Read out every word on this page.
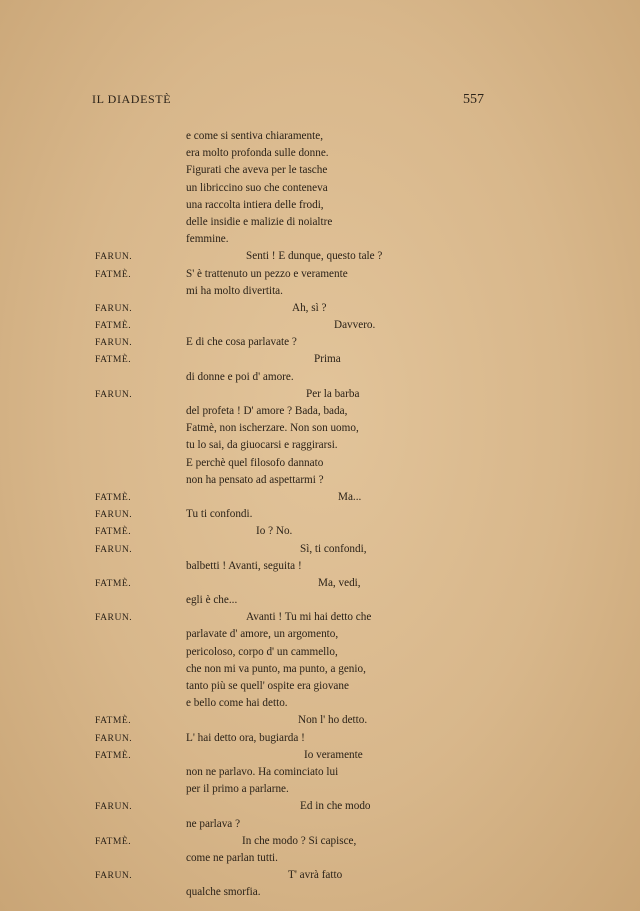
IL DIADESTÈ	557
e come si sentiva chiaramente,
era molto profonda sulle donne.
Figurati che aveva per le tasche
un libriccino suo che conteneva
una raccolta intiera delle frodi,
delle insidie e malizie di noialtre
femmine.
FARUN.	Senti ! E dunque, questo tale ?
FATMÈ.	S' è trattenuto un pezzo e veramente
mi ha molto divertita.
FARUN.	Ah, sì ?
FATMÈ.	Davvero.
FARUN.	E di che cosa parlavate ?
FATMÈ.	Prima
di donne e poi d' amore.
FARUN.	Per la barba
del profeta ! D' amore ? Bada, bada,
Fatmè, non ischerzare. Non son uomo,
tu lo sai, da giuocarsi e raggirarsi.
E perchè quel filosofo dannato
non ha pensato ad aspettarmi ?
FATMÈ.	Ma...
FARUN.	Tu ti confondi.
FATMÈ.	Io ? No.
FARUN.	Sì, ti confondi,
balbetti ! Avanti, seguita !
FATMÈ.	Ma, vedi,
egli è che...
FARUN.	Avanti ! Tu mi hai detto che
parlavate d' amore, un argomento,
pericoloso, corpo d' un cammello,
che non mi va punto, ma punto, a genio,
tanto più se quell' ospite era giovane
e bello come hai detto.
FATMÈ.	Non l' ho detto.
FARUN.	L' hai detto ora, bugiarda !
FATMÈ.	Io veramente
non ne parlavo. Ha cominciato lui
per il primo a parlarne.
FARUN.	Ed in che modo
ne parlava ?
FATMÈ.	In che modo ? Si capisce,
come ne parlan tutti.
FARUN.	T' avrà fatto
qualche smorfia.
